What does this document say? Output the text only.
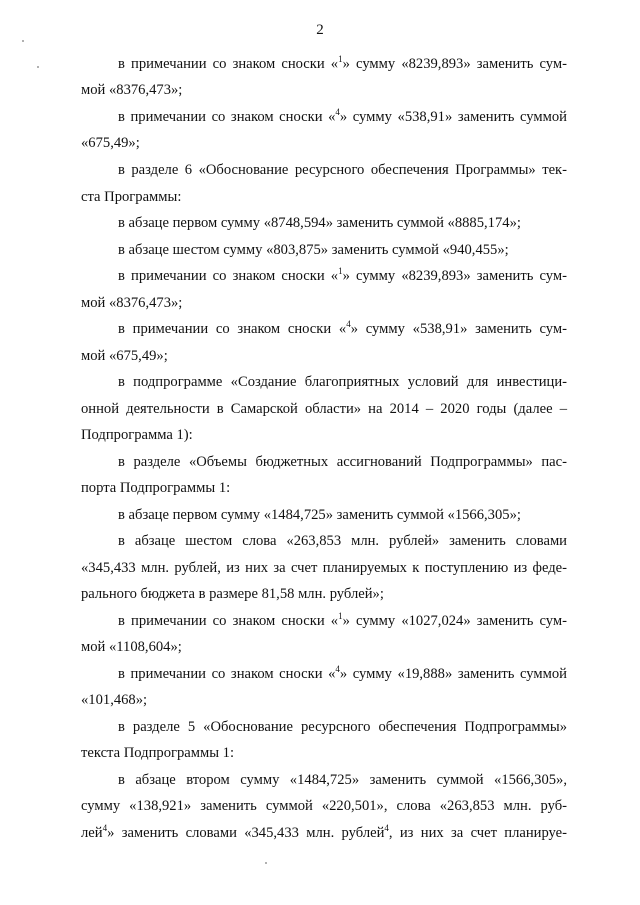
2
в примечании со знаком сноски «$^1$» сумму «8239,893» заменить сум-
мой «8376,473»;
в примечании со знаком сноски «$^4$» сумму «538,91» заменить суммой
«675,49»;
в разделе 6 «Обоснование ресурсного обеспечения Программы» тек-
ста Программы:
в абзаце первом сумму «8748,594» заменить суммой «8885,174»;
в абзаце шестом сумму «803,875» заменить суммой «940,455»;
в примечании со знаком сноски «$^1$» сумму «8239,893» заменить сум-
мой «8376,473»;
в примечании со знаком сноски «$^4$» сумму «538,91» заменить сум-
мой «675,49»;
в подпрограмме «Создание благоприятных условий для инвестици-
онной деятельности в Самарской области» на 2014 – 2020 годы (далее –
Подпрограмма 1):
в разделе «Объемы бюджетных ассигнований Подпрограммы» пас-
порта Подпрограммы 1:
в абзаце первом сумму «1484,725» заменить суммой «1566,305»;
в абзаце шестом слова «263,853 млн. рублей» заменить словами
«345,433 млн. рублей, из них за счет планируемых к поступлению из феде-
рального бюджета в размере 81,58 млн. рублей»;
в примечании со знаком сноски «$^1$» сумму «1027,024» заменить сум-
мой «1108,604»;
в примечании со знаком сноски «$^4$» сумму «19,888» заменить суммой
«101,468»;
в разделе 5 «Обоснование ресурсного обеспечения Подпрограммы»
текста Подпрограммы 1:
в абзаце втором сумму «1484,725» заменить суммой «1566,305»,
сумму «138,921» заменить суммой «220,501», слова «263,853 млн. руб-
лей$^4$» заменить словами «345,433 млн. рублей$^4$, из них за счет планируе-
